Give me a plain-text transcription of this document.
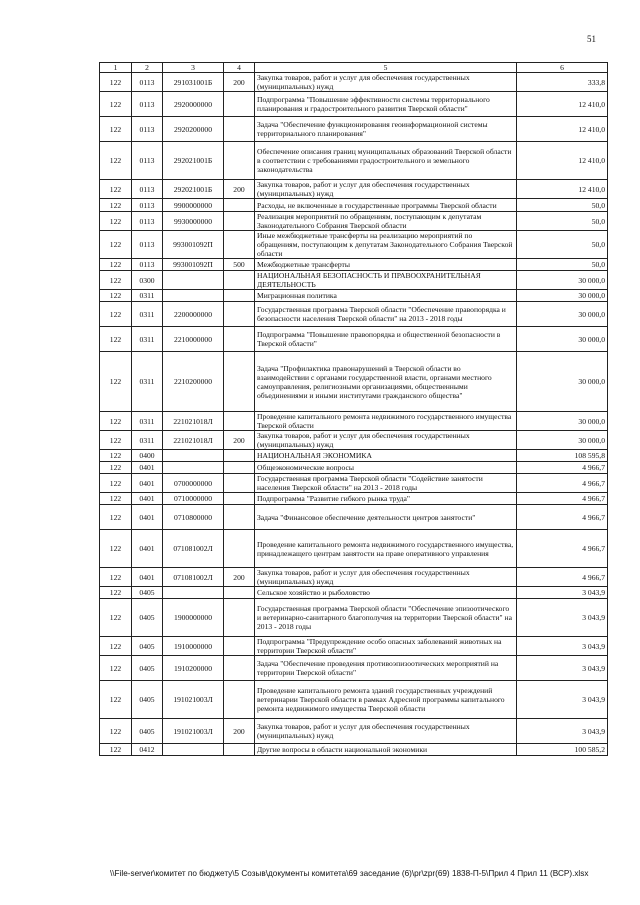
51
1	2	3	4	5	6
122	0113	291031001Б	200	Закупка товаров, работ и услуг для обеспечения государственных (муниципальных) нужд	333,8
122	0113	2920000000		Подпрограмма "Повышение эффективности системы территориального планирования и градостроительного развития Тверской области"	12 410,0
122	0113	2920200000		Задача "Обеспечение функционирования геоинформационной системы территориального планирования"	12 410,0
122	0113	292021001Б		Обеспечение описания границ муниципальных образований Тверской области в соответствии с требованиями градостроительного и земельного законодательства	12 410,0
122	0113	292021001Б	200	Закупка товаров, работ и услуг для обеспечения государственных (муниципальных) нужд	12 410,0
122	0113	9900000000		Расходы, не включенные в государственные программы Тверской области	50,0
122	0113	9930000000		Реализация мероприятий по обращениям, поступающим к депутатам Законодательного Собрания Тверской области	50,0
122	0113	993001092П		Иные межбюджетные трансферты на реализацию мероприятий по обращениям, поступающим к депутатам Законодательного Собрания Тверской области	50,0
122	0113	993001092П	500	Межбюджетные трансферты	50,0
122	0300			НАЦИОНАЛЬНАЯ БЕЗОПАСНОСТЬ И ПРАВООХРАНИТЕЛЬНАЯ ДЕЯТЕЛЬНОСТЬ	30 000,0
122	0311			Миграционная политика	30 000,0
122	0311	2200000000		Государственная программа Тверской области "Обеспечение правопорядка и безопасности населения Тверской области" на 2013 - 2018 годы	30 000,0
122	0311	2210000000		Подпрограмма "Повышение правопорядка и общественной безопасности в Тверской области"	30 000,0
122	0311	2210200000		Задача "Профилактика правонарушений в Тверской области во взаимодействии с органами государственной власти, органами местного самоуправления, религиозными организациями, общественными объединениями и иными институтами гражданского общества"	30 000,0
122	0311	221021018Л		Проведение капитального ремонта недвижимого государственного имущества Тверской области	30 000,0
122	0311	221021018Л	200	Закупка товаров, работ и услуг для обеспечения государственных (муниципальных) нужд	30 000,0
122	0400			НАЦИОНАЛЬНАЯ ЭКОНОМИКА	108 595,8
122	0401			Общеэкономические вопросы	4 966,7
122	0401	0700000000		Государственная программа Тверской области "Содействие занятости населения Тверской области" на 2013 - 2018 годы	4 966,7
122	0401	0710000000		Подпрограмма "Развитие гибкого рынка труда"	4 966,7
122	0401	0710800000		Задача "Финансовое обеспечение деятельности центров занятости"	4 966,7
122	0401	071081002Л		Проведение капитального ремонта недвижимого государственного имущества, принадлежащего центрам занятости на праве оперативного управления	4 966,7
122	0401	071081002Л	200	Закупка товаров, работ и услуг для обеспечения государственных (муниципальных) нужд	4 966,7
122	0405			Сельское хозяйство и рыболовство	3 043,9
122	0405	1900000000		Государственная программа Тверской области "Обеспечение эпизоотического и ветеринарно-санитарного благополучия на территории Тверской области" на 2013 - 2018 годы	3 043,9
122	0405	1910000000		Подпрограмма "Предупреждение особо опасных заболеваний животных на территории Тверской области"	3 043,9
122	0405	1910200000		Задача "Обеспечение проведения противоэпизоотических мероприятий на территории Тверской области"	3 043,9
122	0405	191021003Л		Проведение капитального ремонта зданий государственных учреждений ветеринарии Тверской области в рамках Адресной программы капитального ремонта недвижимого имущества Тверской области	3 043,9
122	0405	191021003Л	200	Закупка товаров, работ и услуг для обеспечения государственных (муниципальных) нужд	3 043,9
122	0412			Другие вопросы в области национальной экономики	100 585,2
\\File-server\комитет по бюджету\5 Созыв\документы комитета\69 заседание (6)\pr\zpr(69) 1838-П-5\Прил 4 Прил 11 (ВСР).xlsx
